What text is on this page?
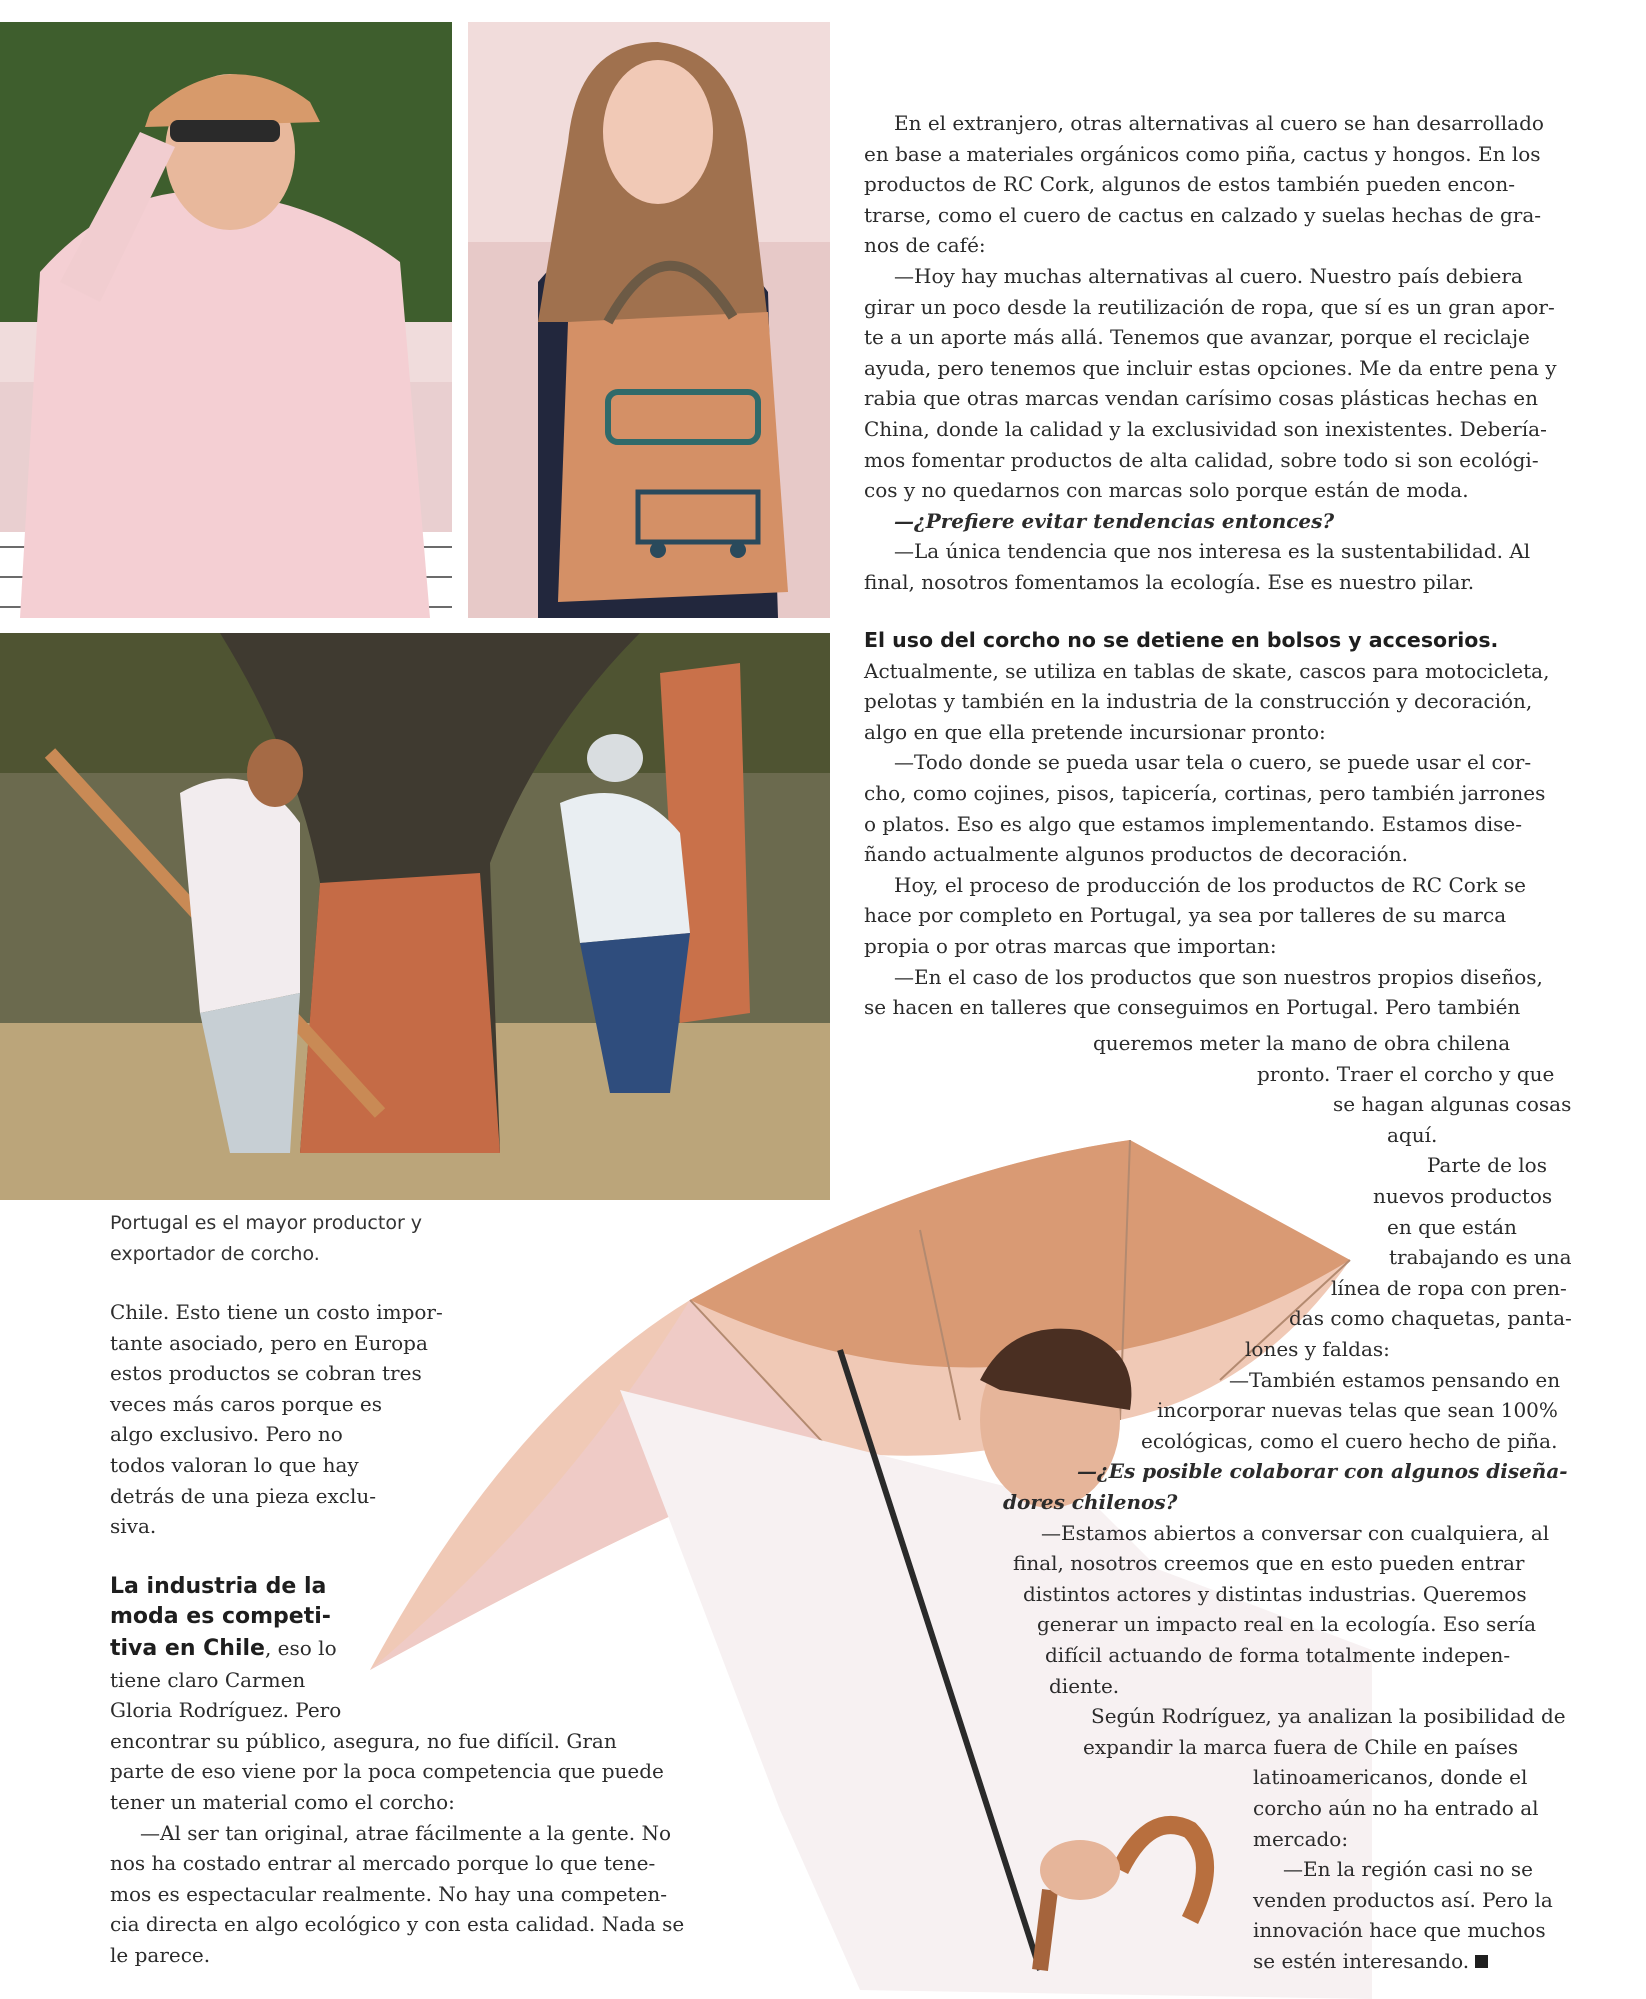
Portugal es el mayor productor y
exportador de corcho.
En el extranjero, otras alternativas al cuero se han desarrollado
en base a materiales orgánicos como piña, cactus y hongos. En los
productos de RC Cork, algunos de estos también pueden encon-
trarse, como el cuero de cactus en calzado y suelas hechas de gra-
nos de café:
—Hoy hay muchas alternativas al cuero. Nuestro país debiera
girar un poco desde la reutilización de ropa, que sí es un gran apor-
te a un aporte más allá. Tenemos que avanzar, porque el reciclaje
ayuda, pero tenemos que incluir estas opciones. Me da entre pena y
rabia que otras marcas vendan carísimo cosas plásticas hechas en
China, donde la calidad y la exclusividad son inexistentes. Debería-
mos fomentar productos de alta calidad, sobre todo si son ecológi-
cos y no quedarnos con marcas solo porque están de moda.
—¿Prefiere evitar tendencias entonces?
—La única tendencia que nos interesa es la sustentabilidad. Al
final, nosotros fomentamos la ecología. Ese es nuestro pilar.
El uso del corcho no se detiene en bolsos y accesorios.
Actualmente, se utiliza en tablas de skate, cascos para motocicleta,
pelotas y también en la industria de la construcción y decoración,
algo en que ella pretende incursionar pronto:
—Todo donde se pueda usar tela o cuero, se puede usar el cor-
cho, como cojines, pisos, tapicería, cortinas, pero también jarrones
o platos. Eso es algo que estamos implementando. Estamos dise-
ñando actualmente algunos productos de decoración.
Hoy, el proceso de producción de los productos de RC Cork se
hace por completo en Portugal, ya sea por talleres de su marca
propia o por otras marcas que importan:
—En el caso de los productos que son nuestros propios diseños,
se hacen en talleres que conseguimos en Portugal. Pero también
queremos meter la mano de obra chilena
pronto. Traer el corcho y que
se hagan algunas cosas
aquí.
Parte de los
nuevos productos
en que están
trabajando es una
línea de ropa con pren-
das como chaquetas, panta-
lones y faldas:
—También estamos pensando en
incorporar nuevas telas que sean 100%
ecológicas, como el cuero hecho de piña.
—¿Es posible colaborar con algunos diseña-
dores chilenos?
—Estamos abiertos a conversar con cualquiera, al
final, nosotros creemos que en esto pueden entrar
distintos actores y distintas industrias. Queremos
generar un impacto real en la ecología. Eso sería
difícil actuando de forma totalmente indepen-
diente.
Según Rodríguez, ya analizan la posibilidad de
expandir la marca fuera de Chile en países
latinoamericanos, donde el
corcho aún no ha entrado al
mercado:
—En la región casi no se
venden productos así. Pero la
innovación hace que muchos
se estén interesando.
Chile. Esto tiene un costo impor-
tante asociado, pero en Europa
estos productos se cobran tres
veces más caros porque es
algo exclusivo. Pero no
todos valoran lo que hay
detrás de una pieza exclu-
siva.
La industria de la
moda es competi-
tiva en Chile, eso lo
tiene claro Carmen
Gloria Rodríguez. Pero
encontrar su público, asegura, no fue difícil. Gran
parte de eso viene por la poca competencia que puede
tener un material como el corcho:
—Al ser tan original, atrae fácilmente a la gente. No
nos ha costado entrar al mercado porque lo que tene-
mos es espectacular realmente. No hay una competen-
cia directa en algo ecológico y con esta calidad. Nada se
le parece.
